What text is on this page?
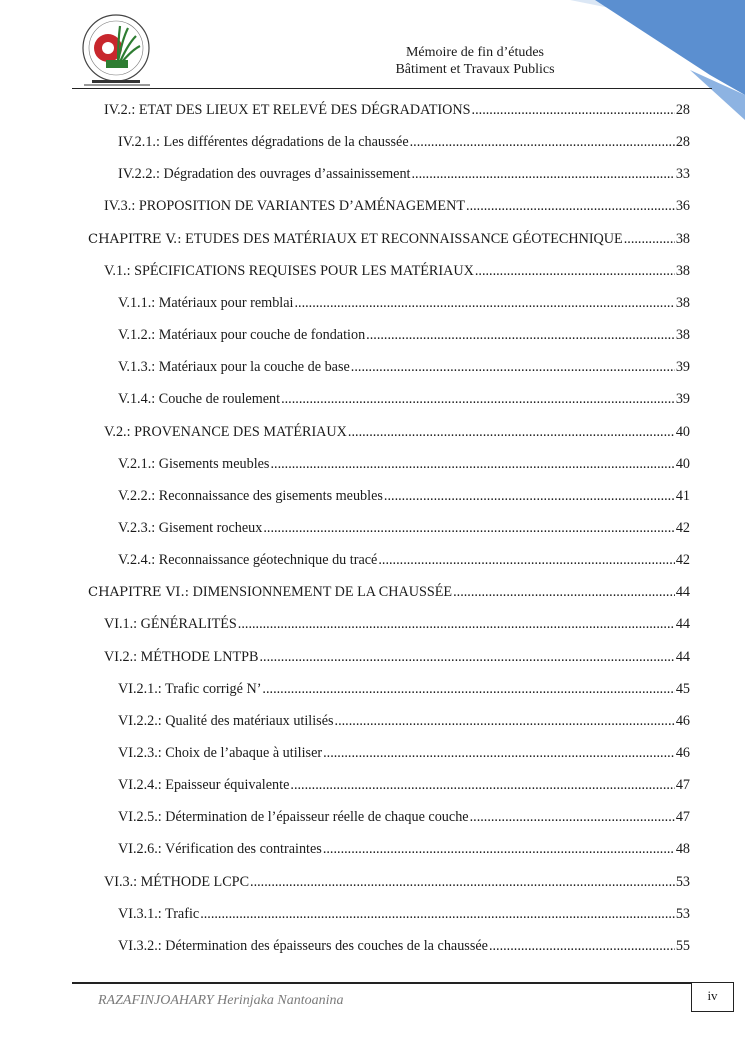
Mémoire de fin d’études
Bâtiment et Travaux Publics
IV.2.: ETAT DES LIEUX ET RELEVÉ DES DÉGRADATIONS .....	28
IV.2.1.: Les différentes dégradations de la chaussée .....	28
IV.2.2.: Dégradation des ouvrages d’assainissement .....	33
IV.3.: PROPOSITION DE VARIANTES D’AMÉNAGEMENT .....	36
CHAPITRE V.: ETUDES DES MATÉRIAUX ET RECONNAISSANCE GÉOTECHNIQUE .....	38
V.1.: SPÉCIFICATIONS REQUISES POUR LES MATÉRIAUX .....	38
V.1.1.: Matériaux pour remblai .....	38
V.1.2.: Matériaux pour couche de fondation .....	38
V.1.3.: Matériaux pour la couche de base .....	39
V.1.4.: Couche de roulement .....	39
V.2.: PROVENANCE DES MATÉRIAUX .....	40
V.2.1.: Gisements meubles .....	40
V.2.2.: Reconnaissance des gisements meubles .....	41
V.2.3.: Gisement rocheux .....	42
V.2.4.: Reconnaissance géotechnique du tracé .....	42
CHAPITRE VI.: DIMENSIONNEMENT DE LA CHAUSSÉE .....	44
VI.1.: GÉNÉRALITÉS .....	44
VI.2.: MÉTHODE LNTPB .....	44
VI.2.1.: Trafic corrigé N’ .....	45
VI.2.2.: Qualité des matériaux utilisés .....	46
VI.2.3.: Choix de l’abaque à utiliser .....	46
VI.2.4.: Epaisseur équivalente .....	47
VI.2.5.: Détermination de l’épaisseur réelle de chaque couche .....	47
VI.2.6.: Vérification des contraintes .....	48
VI.3.: MÉTHODE LCPC .....	53
VI.3.1.: Trafic .....	53
VI.3.2.: Détermination des épaisseurs des couches de la chaussée .....	55
RAZAFINJOAHARY Herinjaka Nantoanina	iv
